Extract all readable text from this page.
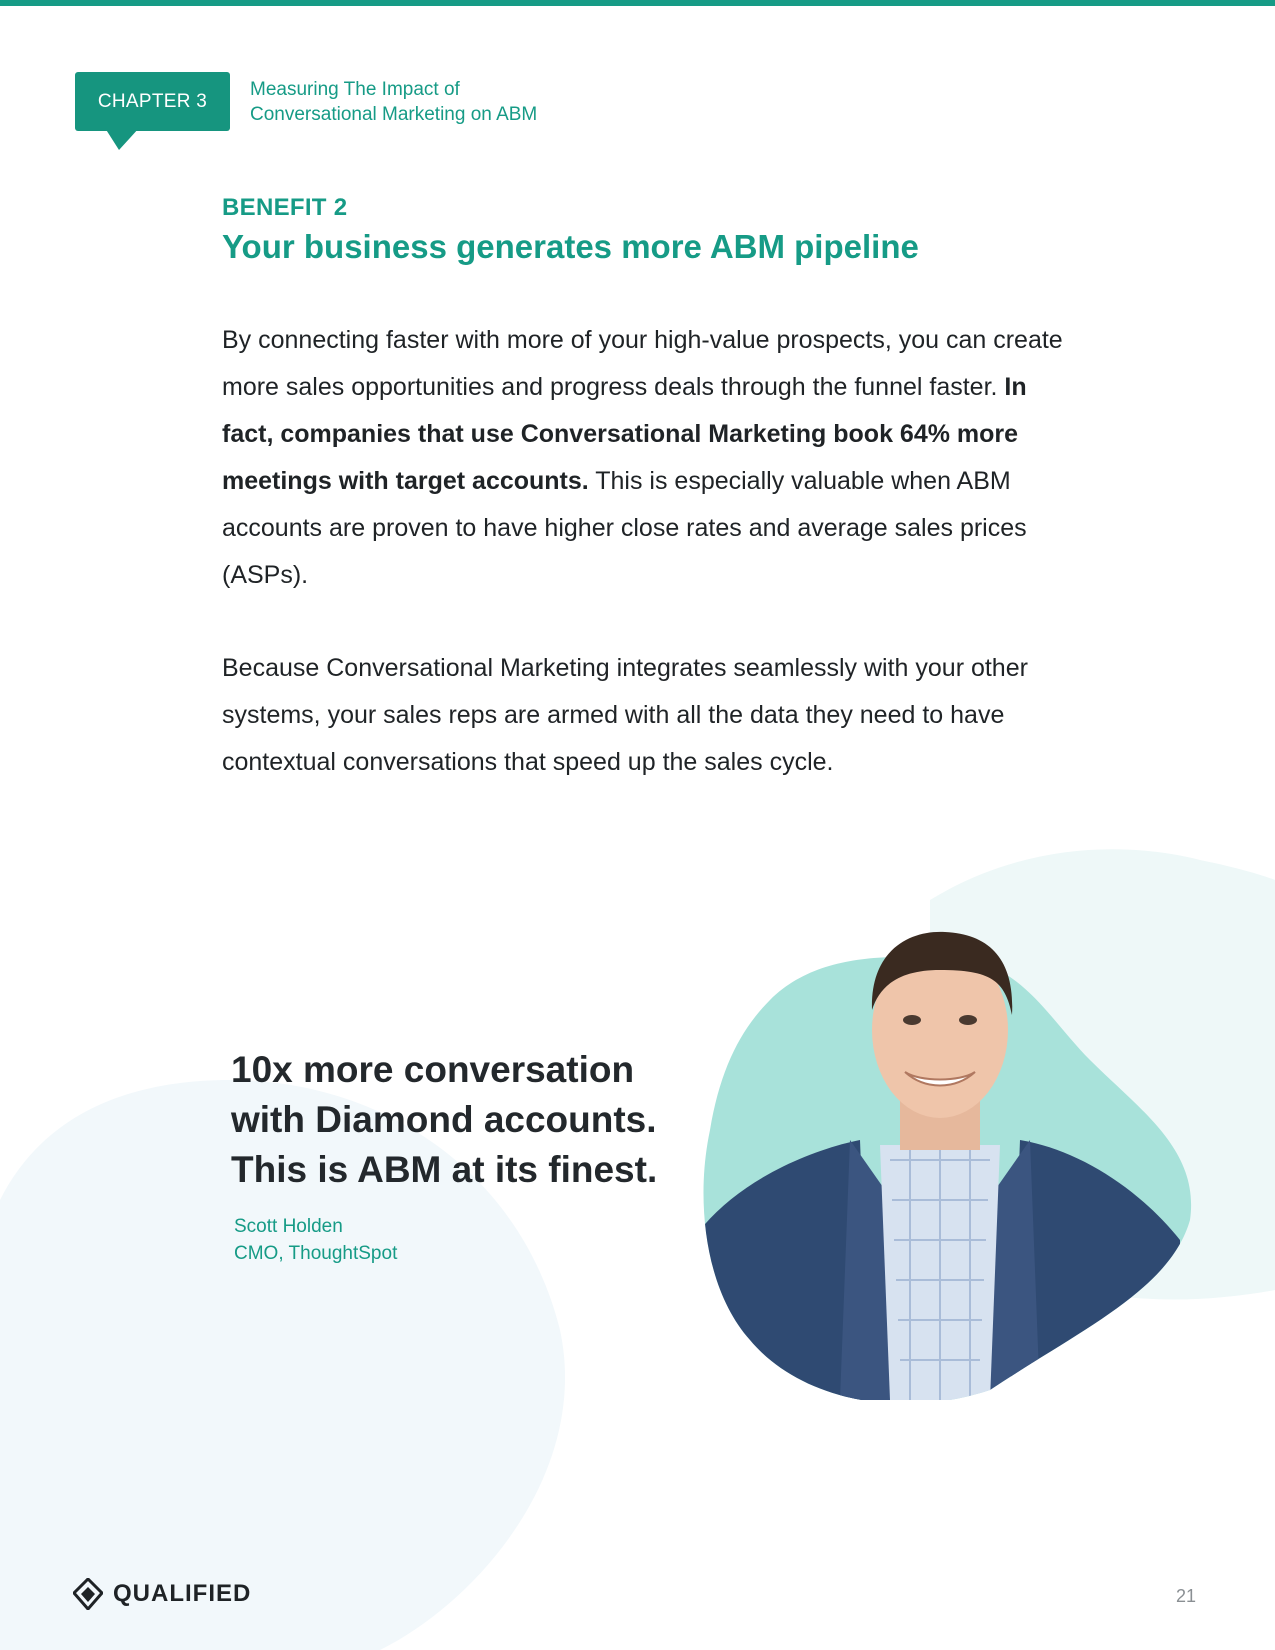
CHAPTER 3
Measuring The Impact of
Conversational Marketing on ABM
BENEFIT 2
Your business generates more ABM pipeline
By connecting faster with more of your high-value prospects, you can create more sales opportunities and progress deals through the funnel faster. In fact, companies that use Conversational Marketing book 64% more meetings with target accounts. This is especially valuable when ABM accounts are proven to have higher close rates and average sales prices (ASPs).
Because Conversational Marketing integrates seamlessly with your other systems, your sales reps are armed with all the data they need to have contextual conversations that speed up the sales cycle.
10x more conversation
with Diamond accounts.
This is ABM at its finest.
Scott Holden
CMO, ThoughtSpot
QUALIFIED	21
